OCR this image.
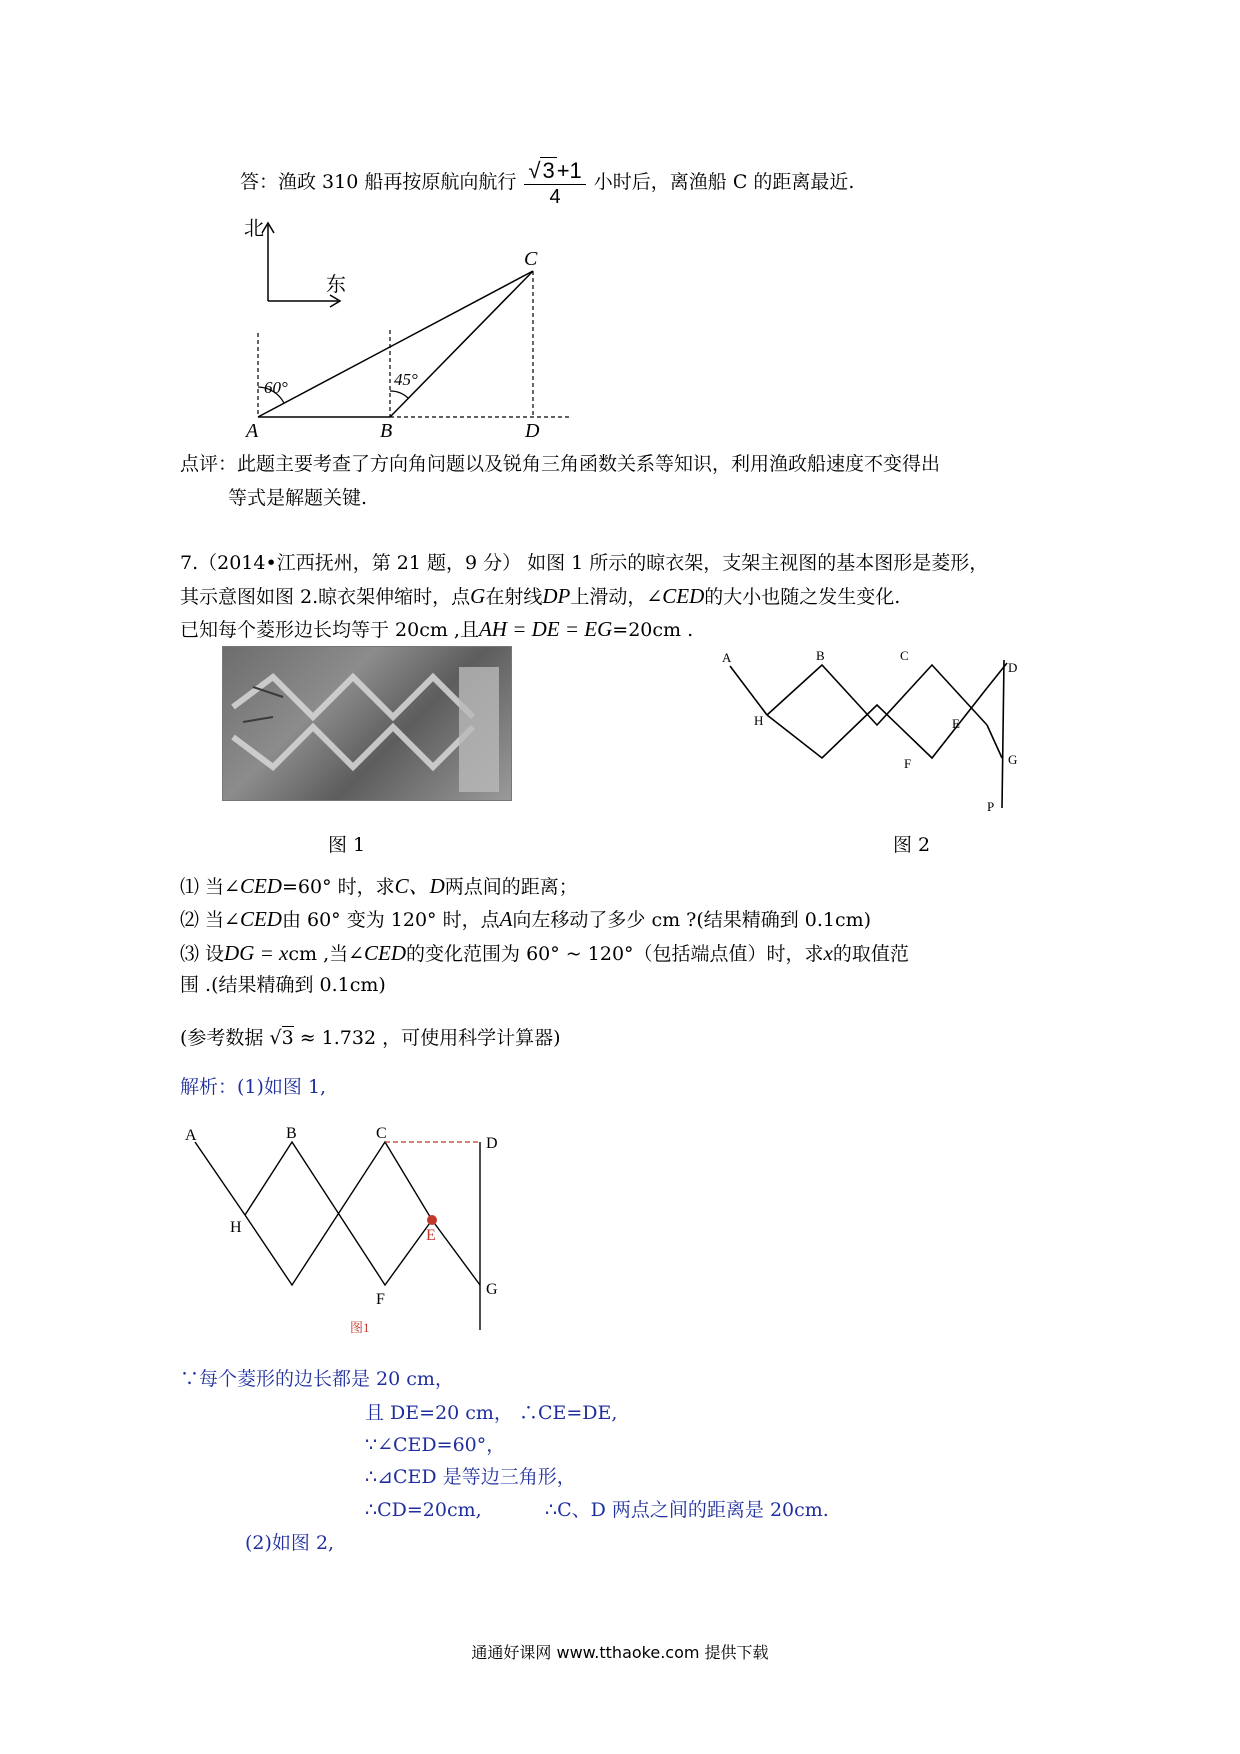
答：渔政 310 船再按原航向航行 $\frac{√3+1}{4}$ 小时后，离渔船 C 的距离最近.
北
东
60°	45°
A	B
C
D
点评：此题主要考查了方向角问题以及锐角三角函数关系等知识，利用渔政船速度不变得出
等式是解题关键.
7.（2014•江西抚州，第 21 题，9 分） 如图 1 所示的晾衣架，支架主视图的基本图形是菱形，
其示意图如图 2.晾衣架伸缩时，点G在射线DP上滑动，∠CED的大小也随之发生变化.
已知每个菱形边长均等于 20cm ,且AH = DE = EG=20cm .
图 1
A	B	C
D
H	E
F	G
P
图 2
⑴ 当∠CED=60° 时，求C、D两点间的距离；
⑵ 当∠CED由 60° 变为 120° 时，点A向左移动了多少 cm ?(结果精确到 0.1cm)
⑶ 设DG = xcm ,当∠CED的变化范围为 60° ~ 120°（包括端点值）时，求x的取值范
围 .(结果精确到 0.1cm)
(参考数据 √3 ≈ 1.732 ，可使用科学计算器)
解析：(1)如图 1,
A	B	C
D
H	E
F
G
图1
∵每个菱形的边长都是 20 cm，
且 DE=20 cm， ∴CE=DE,
∵∠CED=60°，
∴⊿CED 是等边三角形，
∴CD=20cm,	∴C、D 两点之间的距离是 20cm.
(2)如图 2,
通通好课网 www.tthaoke.com 提供下载
